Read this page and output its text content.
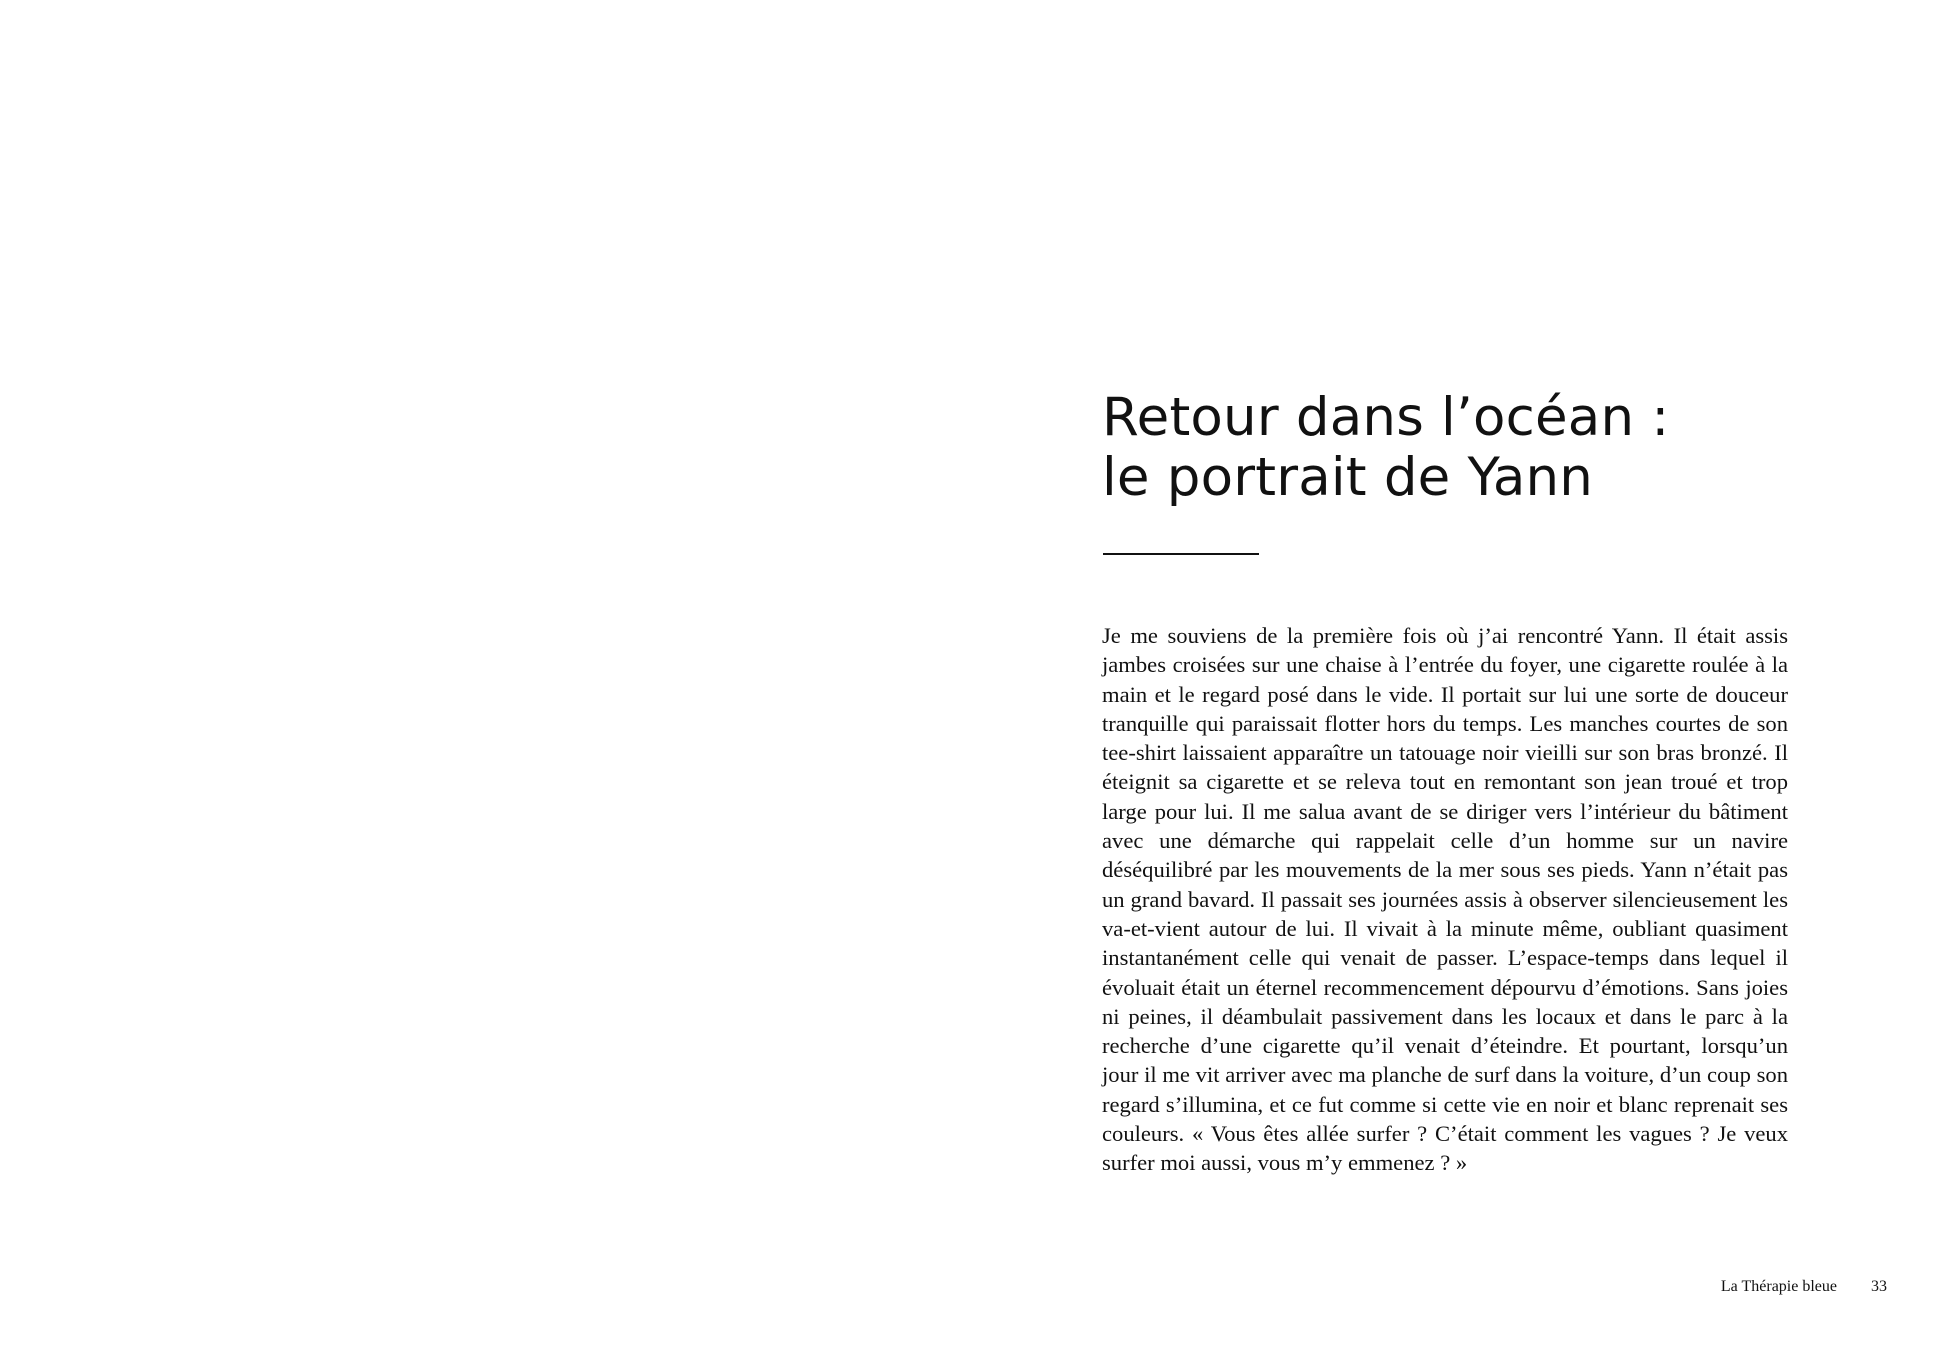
Retour dans l’océan : le portrait de Yann

Je me souviens de la première fois où j’ai rencontré Yann. Il était assis jambes croisées sur une chaise à l’entrée du foyer, une cigarette roulée à la main et le regard posé dans le vide. Il portait sur lui une sorte de douceur tranquille qui paraissait flotter hors du temps. Les manches courtes de son tee-shirt laissaient apparaître un tatouage noir vieilli sur son bras bronzé. Il éteignit sa cigarette et se releva tout en remontant son jean troué et trop large pour lui. Il me salua avant de se diriger vers l’intérieur du bâtiment avec une démarche qui rappelait celle d’un homme sur un navire déséquilibré par les mouvements de la mer sous ses pieds. Yann n’était pas un grand bavard. Il passait ses journées assis à observer silencieusement les va-et-vient autour de lui. Il vivait à la minute même, oubliant quasiment instantanément celle qui venait de passer. L’espace-temps dans lequel il évoluait était un éternel recommencement dépourvu d’émotions. Sans joies ni peines, il déambulait passivement dans les locaux et dans le parc à la recherche d’une cigarette qu’il venait d’éteindre. Et pourtant, lorsqu’un jour il me vit arriver avec ma planche de surf dans la voiture, d’un coup son regard s’illumina, et ce fut comme si cette vie en noir et blanc reprenait ses couleurs. « Vous êtes allée surfer ? C’était comment les vagues ? Je veux surfer moi aussi, vous m’y emmenez ? »

La Thérapie bleue 33
